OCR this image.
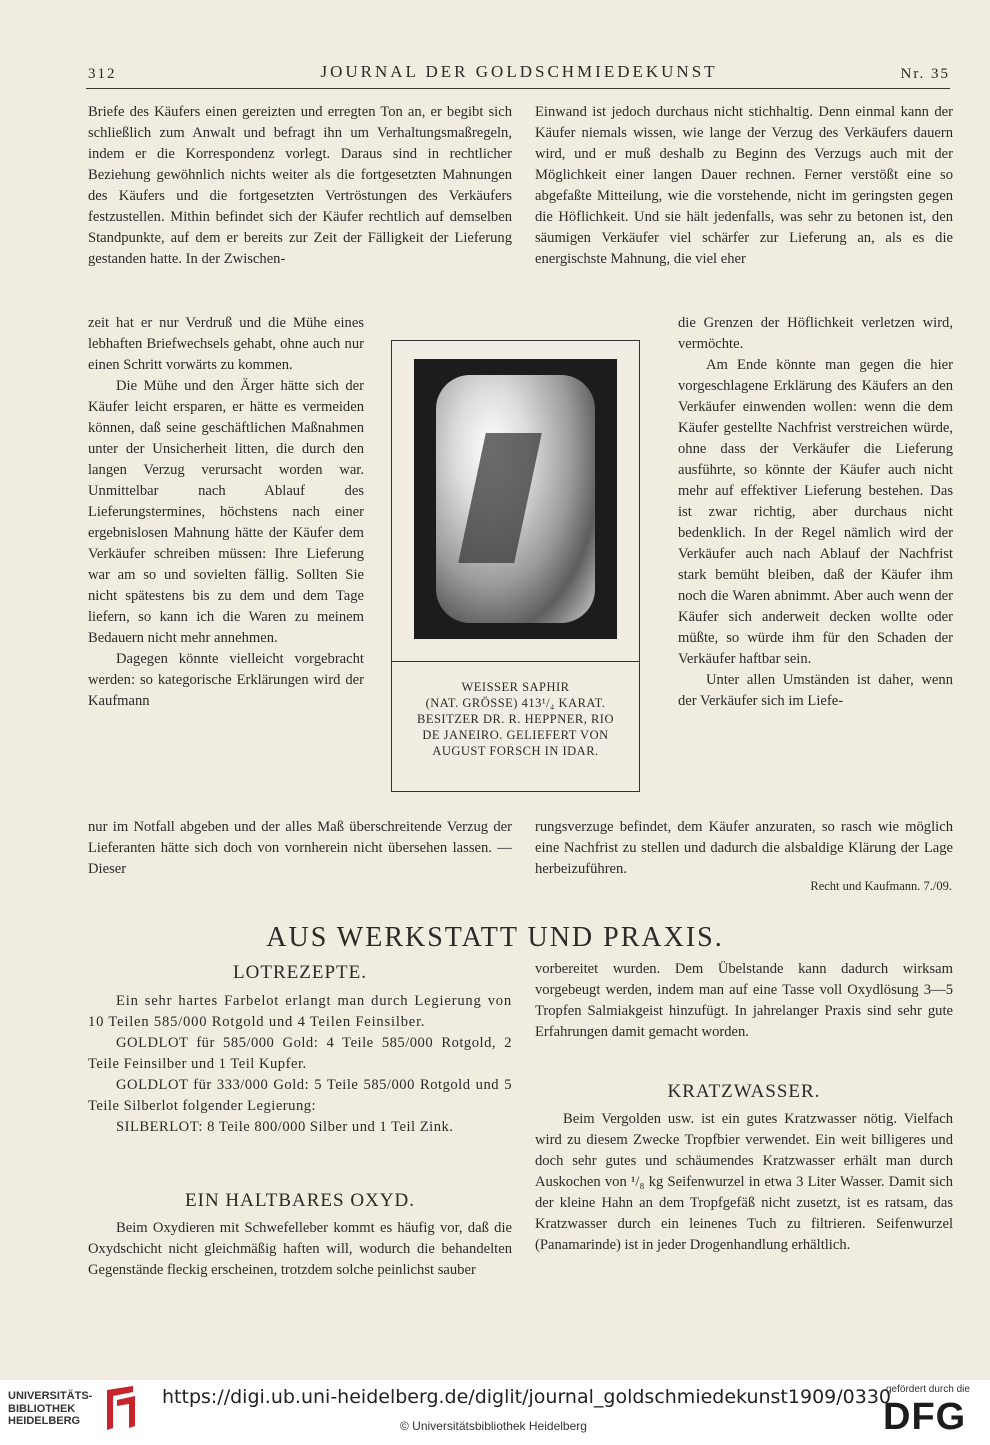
312	JOURNAL DER GOLDSCHMIEDEKUNST	Nr. 35

Briefe des Käufers einen gereizten und erregten Ton an, er begibt sich schließlich zum Anwalt und befragt ihn um Verhaltungsmaßregeln, indem er die Korrespondenz vorlegt. Daraus sind in rechtlicher Beziehung gewöhnlich nichts weiter als die fortgesetzten Mahnungen des Käufers und die fortgesetzten Vertröstungen des Verkäufers festzustellen. Mithin befindet sich der Käufer rechtlich auf demselben Standpunkte, auf dem er bereits zur Zeit der Fälligkeit der Lieferung gestanden hatte. In der Zwischen-

zeit hat er nur Verdruß und die Mühe eines lebhaften Briefwechsels gehabt, ohne auch nur einen Schritt vorwärts zu kommen.

Die Mühe und den Ärger hätte sich der Käufer leicht ersparen, er hätte es vermeiden können, daß seine geschäftlichen Maßnahmen unter der Unsicherheit litten, die durch den langen Verzug verursacht worden war. Unmittelbar nach Ablauf des Lieferungstermines, höchstens nach einer ergebnislosen Mahnung hätte der Käufer dem Verkäufer schreiben müssen: Ihre Lieferung war am so und sovielten fällig. Sollten Sie nicht spätestens bis zu dem und dem Tage liefern, so kann ich die Waren zu meinem Bedauern nicht mehr annehmen.

Dagegen könnte vielleicht vorgebracht werden: so kategorische Erklärungen wird der Kaufmann

nur im Notfall abgeben und der alles Maß überschreitende Verzug der Lieferanten hätte sich doch von vornherein nicht übersehen lassen. — Dieser

Einwand ist jedoch durchaus nicht stichhaltig. Denn einmal kann der Käufer niemals wissen, wie lange der Verzug des Verkäufers dauern wird, und er muß deshalb zu Beginn des Verzugs auch mit der Möglichkeit einer langen Dauer rechnen. Ferner verstößt eine so abgefaßte Mitteilung, wie die vorstehende, nicht im geringsten gegen die Höflichkeit. Und sie hält jedenfalls, was sehr zu betonen ist, den säumigen Verkäufer viel schärfer zur Lieferung an, als es die energischste Mahnung, die viel eher

die Grenzen der Höflichkeit verletzen wird, vermöchte.

Am Ende könnte man gegen die hier vorgeschlagene Erklärung des Käufers an den Verkäufer einwenden wollen: wenn die dem Käufer gestellte Nachfrist verstreichen würde, ohne dass der Verkäufer die Lieferung ausführte, so könnte der Käufer auch nicht mehr auf effektiver Lieferung bestehen. Das ist zwar richtig, aber durchaus nicht bedenklich. In der Regel nämlich wird der Verkäufer auch nach Ablauf der Nachfrist stark bemüht bleiben, daß der Käufer ihm noch die Waren abnimmt. Aber auch wenn der Käufer sich anderweit decken wollte oder müßte, so würde ihm für den Schaden der Verkäufer haftbar sein.

Unter allen Umständen ist daher, wenn der Verkäufer sich im Liefe-

rungsverzuge befindet, dem Käufer anzuraten, so rasch wie möglich eine Nachfrist zu stellen und dadurch die alsbaldige Klärung der Lage herbeizuführen.

Recht und Kaufmann. 7./09.
WEISSER SAPHIR
(NAT. GRÖSSE) 413¹/₄ KARAT.
BESITZER DR. R. HEPPNER, RIO
DE JANEIRO. GELIEFERT VON
AUGUST FORSCH IN IDAR.
AUS WERKSTATT UND PRAXIS.
LOTREZEPTE.

Ein sehr hartes Farbelot erlangt man durch Legierung von 10 Teilen 585/000 Rotgold und 4 Teilen Feinsilber.

GOLDLOT für 585/000 Gold: 4 Teile 585/000 Rotgold, 2 Teile Feinsilber und 1 Teil Kupfer.

GOLDLOT für 333/000 Gold: 5 Teile 585/000 Rotgold und 5 Teile Silberlot folgender Legierung:

SILBERLOT: 8 Teile 800/000 Silber und 1 Teil Zink.

EIN HALTBARES OXYD.

Beim Oxydieren mit Schwefelleber kommt es häufig vor, daß die Oxydschicht nicht gleichmäßig haften will, wodurch die behandelten Gegenstände fleckig erscheinen, trotzdem solche peinlichst sauber

vorbereitet wurden. Dem Übelstande kann dadurch wirksam vorgebeugt werden, indem man auf eine Tasse voll Oxydlösung 3—5 Tropfen Salmiakgeist hinzufügt. In jahrelanger Praxis sind sehr gute Erfahrungen damit gemacht worden.

KRATZWASSER.

Beim Vergolden usw. ist ein gutes Kratzwasser nötig. Vielfach wird zu diesem Zwecke Tropfbier verwendet. Ein weit billigeres und doch sehr gutes und schäumendes Kratzwasser erhält man durch Auskochen von ¹/₈ kg Seifenwurzel in etwa 3 Liter Wasser. Damit sich der kleine Hahn an dem Tropfgefäß nicht zusetzt, ist es ratsam, das Kratzwasser durch ein leinenes Tuch zu filtrieren. Seifenwurzel (Panamarinde) ist in jeder Drogenhandlung erhältlich.

UNIVERSITÄTS-
BIBLIOTHEK
HEIDELBERG
https://digi.ub.uni-heidelberg.de/diglit/journal_goldschmiedekunst1909/0330
© Universitätsbibliothek Heidelberg
gefördert durch die
DFG
